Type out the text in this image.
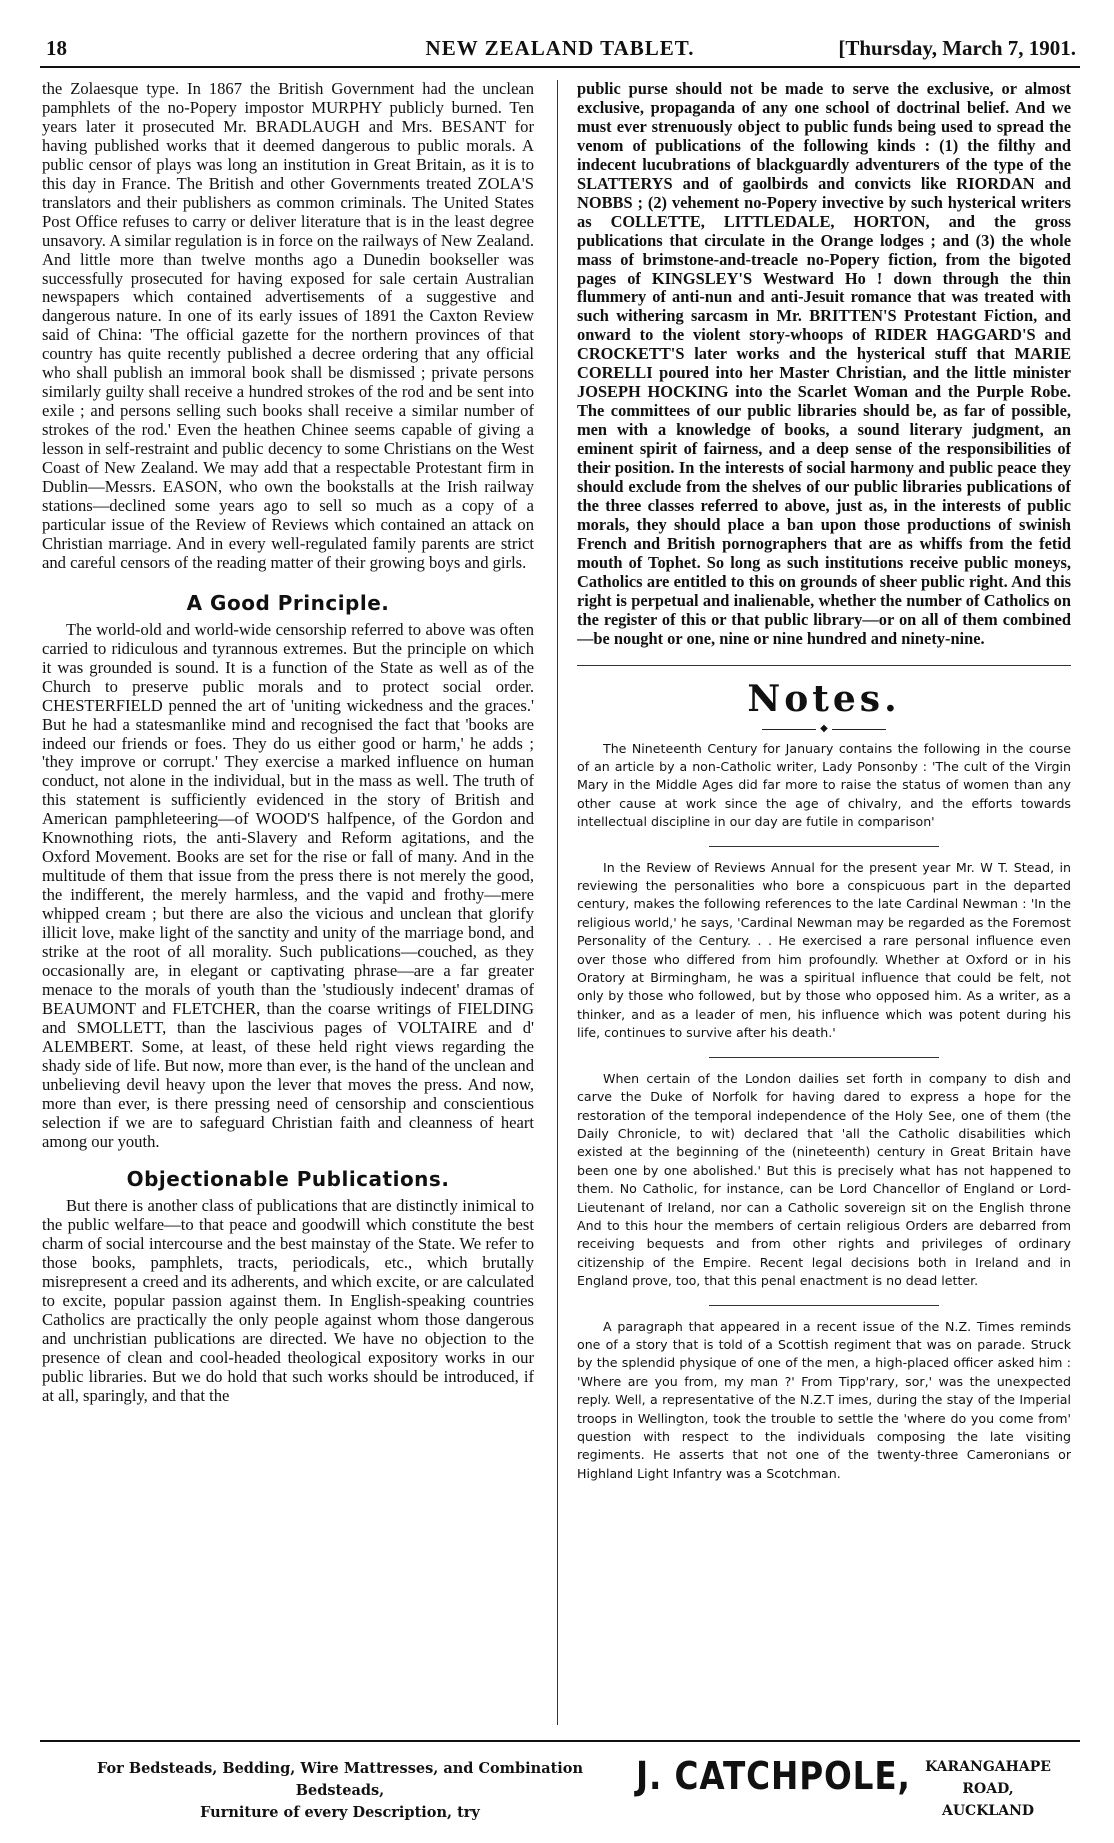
18	NEW ZEALAND TABLET.	[Thursday, March 7, 1901.

the Zolaesque type. In 1867 the British Government had the unclean pamphlets of the no-Popery impostor MURPHY publicly burned. Ten years later it prosecuted Mr. BRADLAUGH and Mrs. BESANT for having published works that it deemed dangerous to public morals. A public censor of plays was long an institution in Great Britain, as it is to this day in France. The British and other Governments treated ZOLA'S translators and their publishers as common criminals. The United States Post Office refuses to carry or deliver literature that is in the least degree unsavory. A similar regulation is in force on the railways of New Zealand. And little more than twelve months ago a Dunedin bookseller was successfully prosecuted for having exposed for sale certain Australian newspapers which contained advertisements of a suggestive and dangerous nature. In one of its early issues of 1891 the Caxton Review said of China: 'The official gazette for the northern provinces of that country has quite recently published a decree ordering that any official who shall publish an immoral book shall be dismissed ; private persons similarly guilty shall receive a hundred strokes of the rod and be sent into exile ; and persons selling such books shall receive a similar number of strokes of the rod.' Even the heathen Chinee seems capable of giving a lesson in self-restraint and public decency to some Christians on the West Coast of New Zealand. We may add that a respectable Protestant firm in Dublin—Messrs. EASON, who own the bookstalls at the Irish railway stations—declined some years ago to sell so much as a copy of a particular issue of the Review of Reviews which contained an attack on Christian marriage. And in every well-regulated family parents are strict and careful censors of the reading matter of their growing boys and girls.

A Good Principle.

The world-old and world-wide censorship referred to above was often carried to ridiculous and tyrannous extremes. But the principle on which it was grounded is sound. It is a function of the State as well as of the Church to preserve public morals and to protect social order. CHESTERFIELD penned the art of 'uniting wickedness and the graces.' But he had a statesmanlike mind and recognised the fact that 'books are indeed our friends or foes. They do us either good or harm,' he adds ; 'they improve or corrupt.' They exercise a marked influence on human conduct, not alone in the individual, but in the mass as well. The truth of this statement is sufficiently evidenced in the story of British and American pamphleteering—of WOOD'S halfpence, of the Gordon and Knownothing riots, the anti-Slavery and Reform agitations, and the Oxford Movement. Books are set for the rise or fall of many. And in the multitude of them that issue from the press there is not merely the good, the indifferent, the merely harmless, and the vapid and frothy—mere whipped cream ; but there are also the vicious and unclean that glorify illicit love, make light of the sanctity and unity of the marriage bond, and strike at the root of all morality. Such publications—couched, as they occasionally are, in elegant or captivating phrase—are a far greater menace to the morals of youth than the 'studiously indecent' dramas of BEAUMONT and FLETCHER, than the coarse writings of FIELDING and SMOLLETT, than the lascivious pages of VOLTAIRE and d' ALEMBERT. Some, at least, of these held right views regarding the shady side of life. But now, more than ever, is the hand of the unclean and unbelieving devil heavy upon the lever that moves the press. And now, more than ever, is there pressing need of censorship and conscientious selection if we are to safeguard Christian faith and cleanness of heart among our youth.

Objectionable Publications.

But there is another class of publications that are distinctly inimical to the public welfare—to that peace and goodwill which constitute the best charm of social intercourse and the best mainstay of the State. We refer to those books, pamphlets, tracts, periodicals, etc., which brutally misrepresent a creed and its adherents, and which excite, or are calculated to excite, popular passion against them. In English-speaking countries Catholics are practically the only people against whom those dangerous and unchristian publications are directed. We have no objection to the presence of clean and cool-headed theological expository works in our public libraries. But we do hold that such works should be introduced, if at all, sparingly, and that the

public purse should not be made to serve the exclusive, or almost exclusive, propaganda of any one school of doctrinal belief. And we must ever strenuously object to public funds being used to spread the venom of publications of the following kinds : (1) the filthy and indecent lucubrations of blackguardly adventurers of the type of the SLATTERYS and of gaolbirds and convicts like RIORDAN and NOBBS ; (2) vehement no-Popery invective by such hysterical writers as COLLETTE, LITTLEDALE, HORTON, and the gross publications that circulate in the Orange lodges ; and (3) the whole mass of brimstone-and-treacle no-Popery fiction, from the bigoted pages of KINGSLEY'S Westward Ho ! down through the thin flummery of anti-nun and anti-Jesuit romance that was treated with such withering sarcasm in Mr. BRITTEN'S Protestant Fiction, and onward to the violent story-whoops of RIDER HAGGARD'S and CROCKETT'S later works and the hysterical stuff that MARIE CORELLI poured into her Master Christian, and the little minister JOSEPH HOCKING into the Scarlet Woman and the Purple Robe. The committees of our public libraries should be, as far of possible, men with a knowledge of books, a sound literary judgment, an eminent spirit of fairness, and a deep sense of the responsibilities of their position. In the interests of social harmony and public peace they should exclude from the shelves of our public libraries publications of the three classes referred to above, just as, in the interests of public morals, they should place a ban upon those productions of swinish French and British pornographers that are as whiffs from the fetid mouth of Tophet. So long as such institutions receive public moneys, Catholics are entitled to this on grounds of sheer public right. And this right is perpetual and inalienable, whether the number of Catholics on the register of this or that public library—or on all of them combined—be nought or one, nine or nine hundred and ninety-nine.

Notes.
◆

The Nineteenth Century for January contains the following in the course of an article by a non-Catholic writer, Lady Ponsonby : 'The cult of the Virgin Mary in the Middle Ages did far more to raise the status of women than any other cause at work since the age of chivalry, and the efforts towards intellectual discipline in our day are futile in comparison'

In the Review of Reviews Annual for the present year Mr. W T. Stead, in reviewing the personalities who bore a conspicuous part in the departed century, makes the following references to the late Cardinal Newman : 'In the religious world,' he says, 'Cardinal Newman may be regarded as the Foremost Personality of the Century. . . He exercised a rare personal influence even over those who differed from him profoundly. Whether at Oxford or in his Oratory at Birmingham, he was a spiritual influence that could be felt, not only by those who followed, but by those who opposed him. As a writer, as a thinker, and as a leader of men, his influence which was potent during his life, continues to survive after his death.'

When certain of the London dailies set forth in company to dish and carve the Duke of Norfolk for having dared to express a hope for the restoration of the temporal independence of the Holy See, one of them (the Daily Chronicle, to wit) declared that 'all the Catholic disabilities which existed at the beginning of the (nineteenth) century in Great Britain have been one by one abolished.' But this is precisely what has not happened to them. No Catholic, for instance, can be Lord Chancellor of England or Lord-Lieutenant of Ireland, nor can a Catholic sovereign sit on the English throne And to this hour the members of certain religious Orders are debarred from receiving bequests and from other rights and privileges of ordinary citizenship of the Empire. Recent legal decisions both in Ireland and in England prove, too, that this penal enactment is no dead letter.

A paragraph that appeared in a recent issue of the N.Z. Times reminds one of a story that is told of a Scottish regiment that was on parade. Struck by the splendid physique of one of the men, a high-placed officer asked him : 'Where are you from, my man ?' From Tipp'rary, sor,' was the unexpected reply. Well, a representative of the N.Z.T imes, during the stay of the Imperial troops in Wellington, took the trouble to settle the 'where do you come from' question with respect to the individuals composing the late visiting regiments. He asserts that not one of the twenty-three Cameronians or Highland Light Infantry was a Scotchman.

For Bedsteads, Bedding, Wire Mattresses, and Combination Bedsteads,
Furniture of every Description, try
J. CATCHPOLE,	KARANGAHAPE ROAD,
AUCKLAND
